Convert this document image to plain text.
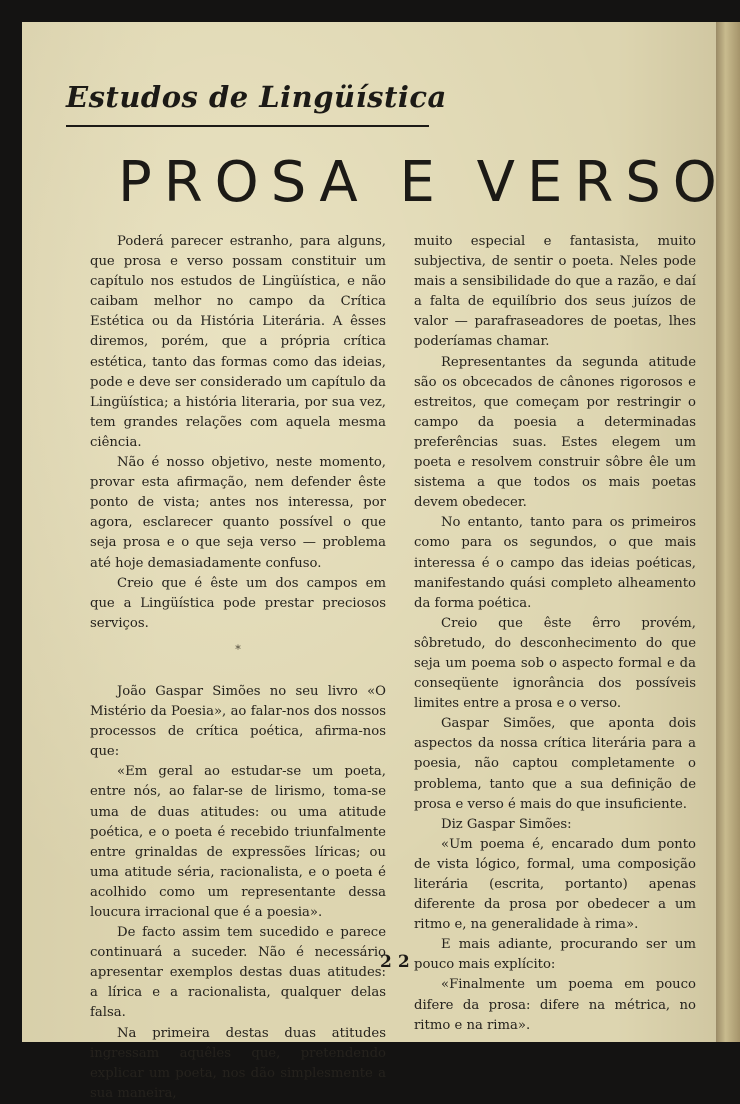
Estudos de Lingüística
PROSA E VERSO

Poderá parecer estranho, para alguns, que prosa e verso possam constituir um capítulo nos estudos de Lingüística, e não caibam melhor no campo da Crítica Estética ou da História Literária. A êsses diremos, porém, que a própria crítica estética, tanto das formas como das ideias, pode e deve ser considerado um capítulo da Lingüística; a história literaria, por sua vez, tem grandes relações com aquela mesma ciência.

Não é nosso objetivo, neste momento, provar esta afirmação, nem defender êste ponto de vista; antes nos interessa, por agora, esclarecer quanto possível o que seja prosa e o que seja verso — problema até hoje demasiadamente confuso.

Creio que é êste um dos campos em que a Lingüística pode prestar preciosos serviços.

*

João Gaspar Simões no seu livro «O Mistério da Poesia», ao falar-nos dos nossos processos de crítica poética, afirma-nos que:

«Em geral ao estudar-se um poeta, entre nós, ao falar-se de lirismo, toma-se uma de duas atitudes: ou uma atitude poética, e o poeta é recebido triunfalmente entre grinaldas de expressões líricas; ou uma atitude séria, racionalista, e o poeta é acolhido como um representante dessa loucura irracional que é a poesia».

De facto assim tem sucedido e parece continuará a suceder. Não é necessário apresentar exemplos destas duas atitudes: a lírica e a racionalista, qualquer delas falsa.

Na primeira destas duas atitudes ingressam aquêles que, pretendendo explicar um poeta, nos dão simplesmente a sua maneira,

muito especial e fantasista, muito subjectiva, de sentir o poeta. Neles pode mais a sensibilidade do que a razão, e daí a falta de equilíbrio dos seus juízos de valor — parafraseadores de poetas, lhes poderíamas chamar.

Representantes da segunda atitude são os obcecados de cânones rigorosos e estreitos, que começam por restringir o campo da poesia a determinadas preferências suas. Estes elegem um poeta e resolvem construir sôbre êle um sistema a que todos os mais poetas devem obedecer.

No entanto, tanto para os primeiros como para os segundos, o que mais interessa é o campo das ideias poéticas, manifestando quási completo alheamento da forma poética.

Creio que êste êrro provém, sôbretudo, do desconhecimento do que seja um poema sob o aspecto formal e da conseqüente ignorância dos possíveis limites entre a prosa e o verso.

Gaspar Simões, que aponta dois aspectos da nossa crítica literária para a poesia, não captou completamente o problema, tanto que a sua definição de prosa e verso é mais do que insuficiente.

Diz Gaspar Simões:

«Um poema é, encarado dum ponto de vista lógico, formal, uma composição literária (escrita, portanto) apenas diferente da prosa por obedecer a um ritmo e, na generalidade à rima».

E mais adiante, procurando ser um pouco mais explícito:

«Finalmente um poema em pouco difere da prosa: difere na métrica, no ritmo e na rima».

22
